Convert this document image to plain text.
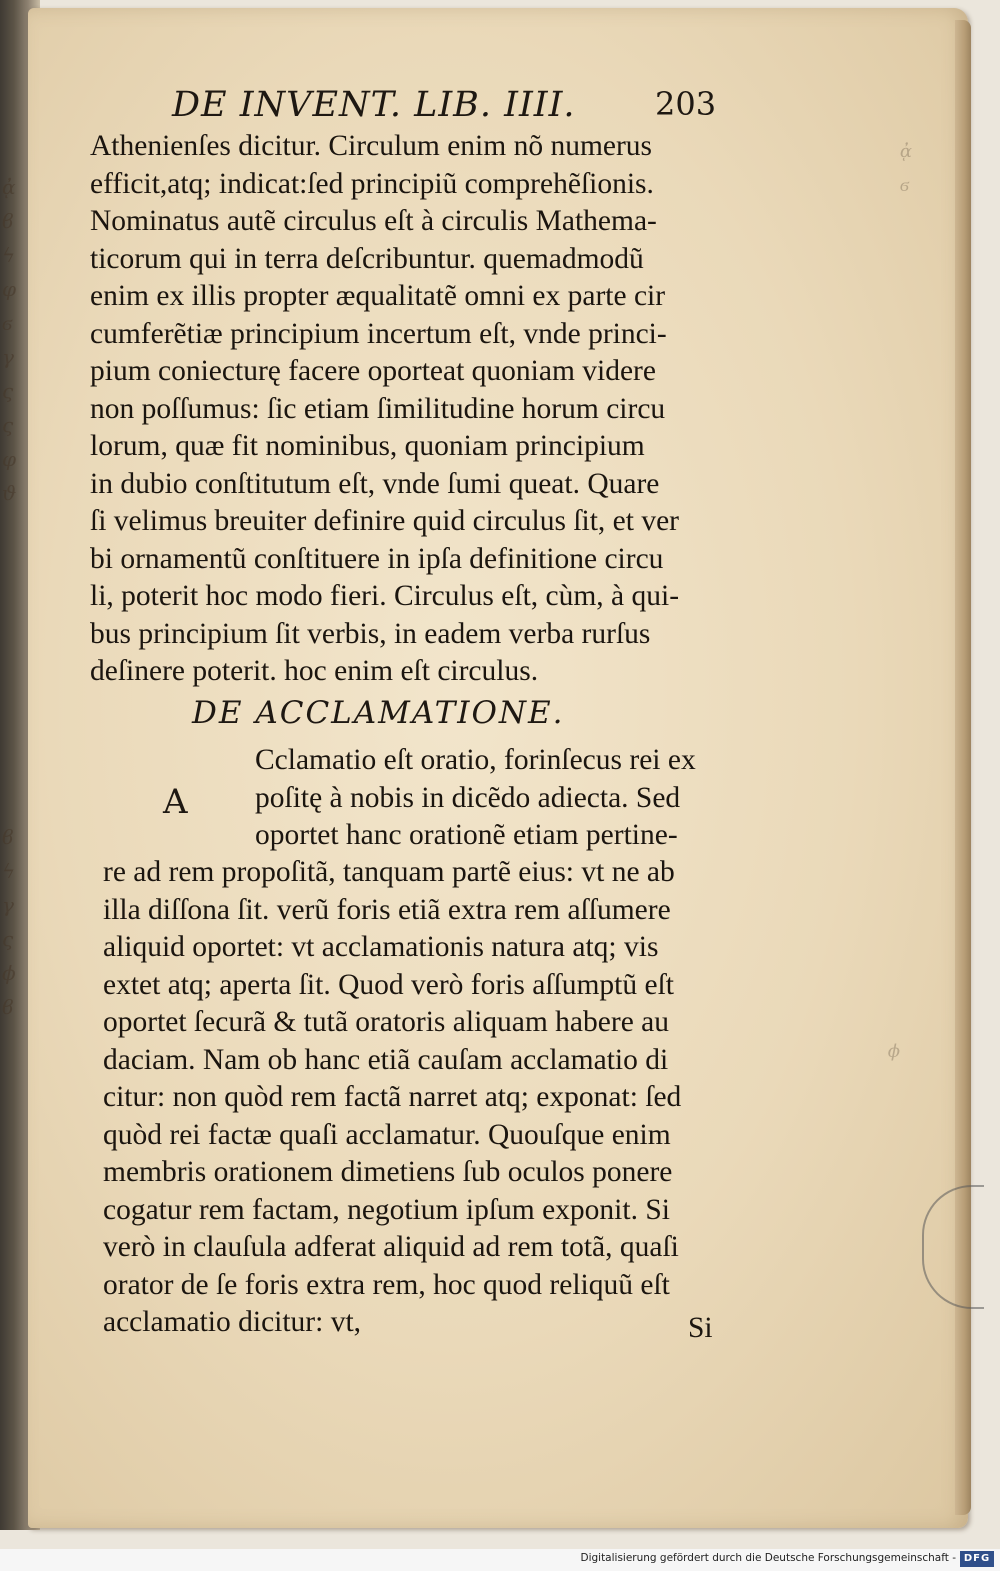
ᾀ
ϐ
ϟ
φ
ϭ
γ
ς
ς
φ
ϑ
ϐ
ϟ
γ
ς
ϕ
ϐ
ᾀ
ϭ
ϕ
DE INVENT. LIB. IIII. 203
Athenienſes dicitur. Circulum enim nõ numerus
efficit,atq; indicat:ſed principiũ comprehẽſionis.
Nominatus autẽ circulus eſt à circulis Mathema-
ticorum qui in terra deſcribuntur. quemadmodũ
enim ex illis propter æqualitatẽ omni ex parte cir
cumferẽtiæ principium incertum eſt, vnde princi-
pium coniecturę facere oporteat quoniam videre
non poſſumus: ſic etiam ſimilitudine horum circu
lorum, quæ fit nominibus, quoniam principium
in dubio conſtitutum eſt, vnde ſumi queat. Quare
ſi velimus breuiter definire quid circulus ſit, et ver
bi ornamentũ conſtituere in ipſa definitione circu
li, poterit hoc modo fieri. Circulus eſt, cùm, à qui-
bus principium ſit verbis, in eadem verba rurſus
deſinere poterit. hoc enim eſt circulus.
DE ACCLAMATIONE.
A
Cclamatio eſt oratio, forinſecus rei ex
poſitę à nobis in dicẽdo adiecta. Sed
oportet hanc orationẽ etiam pertine-
re ad rem propoſitã, tanquam partẽ eius: vt ne ab
illa diſſona ſit. verũ foris etiã extra rem aſſumere
aliquid oportet: vt acclamationis natura atq; vis
extet atq; aperta ſit. Quod verò foris aſſumptũ eſt
oportet ſecurã & tutã oratoris aliquam habere au
daciam. Nam ob hanc etiã cauſam acclamatio di
citur: non quòd rem factã narret atq; exponat: ſed
quòd rei factæ quaſi acclamatur. Quouſque enim
membris orationem dimetiens ſub oculos ponere
cogatur rem factam, negotium ipſum exponit. Si
verò in clauſula adferat aliquid ad rem totã, quaſi
orator de ſe foris extra rem, hoc quod reliquũ eſt
acclamatio dicitur: vt,	Si
Digitalisierung gefördert durch die Deutsche Forschungsgemeinschaft - DFG
